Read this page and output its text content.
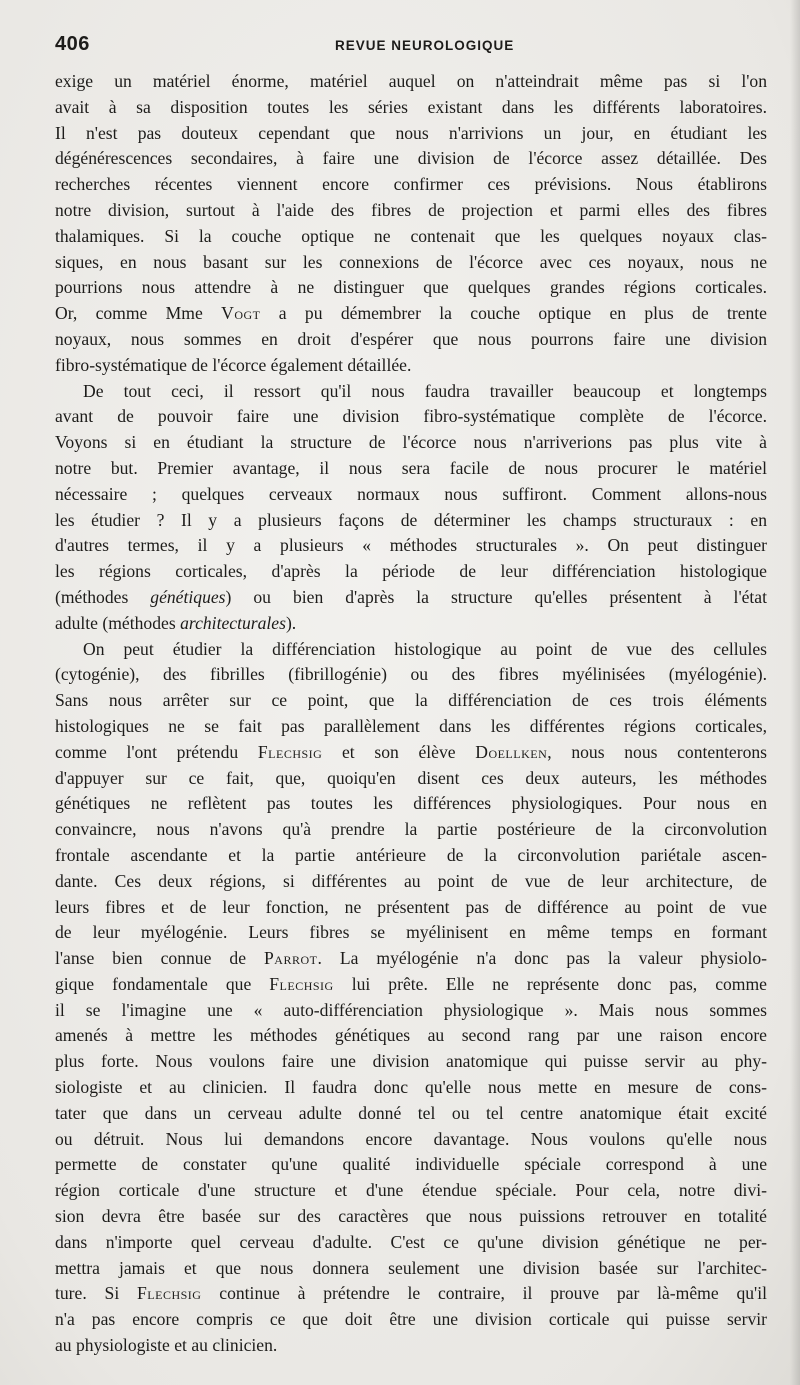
406	REVUE NEUROLOGIQUE
exige un matériel énorme, matériel auquel on n'atteindrait même pas si l'on
avait à sa disposition toutes les séries existant dans les différents laboratoires.
Il n'est pas douteux cependant que nous n'arrivions un jour, en étudiant les
dégénérescences secondaires, à faire une division de l'écorce assez détaillée. Des
recherches récentes viennent encore confirmer ces prévisions. Nous établirons
notre division, surtout à l'aide des fibres de projection et parmi elles des fibres
thalamiques. Si la couche optique ne contenait que les quelques noyaux clas-
siques, en nous basant sur les connexions de l'écorce avec ces noyaux, nous ne
pourrions nous attendre à ne distinguer que quelques grandes régions corticales.
Or, comme Mme Vogt a pu démembrer la couche optique en plus de trente
noyaux, nous sommes en droit d'espérer que nous pourrons faire une division
fibro-systématique de l'écorce également détaillée.
De tout ceci, il ressort qu'il nous faudra travailler beaucoup et longtemps
avant de pouvoir faire une division fibro-systématique complète de l'écorce.
Voyons si en étudiant la structure de l'écorce nous n'arriverions pas plus vite à
notre but. Premier avantage, il nous sera facile de nous procurer le matériel
nécessaire ; quelques cerveaux normaux nous suffiront. Comment allons-nous
les étudier ? Il y a plusieurs façons de déterminer les champs structuraux : en
d'autres termes, il y a plusieurs « méthodes structurales ». On peut distinguer
les régions corticales, d'après la période de leur différenciation histologique
(méthodes génétiques) ou bien d'après la structure qu'elles présentent à l'état
adulte (méthodes architecturales).
On peut étudier la différenciation histologique au point de vue des cellules
(cytogénie), des fibrilles (fibrillogénie) ou des fibres myélinisées (myélogénie).
Sans nous arrêter sur ce point, que la différenciation de ces trois éléments
histologiques ne se fait pas parallèlement dans les différentes régions corticales,
comme l'ont prétendu Flechsig et son élève Doellken, nous nous contenterons
d'appuyer sur ce fait, que, quoiqu'en disent ces deux auteurs, les méthodes
génétiques ne reflètent pas toutes les différences physiologiques. Pour nous en
convaincre, nous n'avons qu'à prendre la partie postérieure de la circonvolution
frontale ascendante et la partie antérieure de la circonvolution pariétale ascen-
dante. Ces deux régions, si différentes au point de vue de leur architecture, de
leurs fibres et de leur fonction, ne présentent pas de différence au point de vue
de leur myélogénie. Leurs fibres se myélinisent en même temps en formant
l'anse bien connue de Parrot. La myélogénie n'a donc pas la valeur physiolo-
gique fondamentale que Flechsig lui prête. Elle ne représente donc pas, comme
il se l'imagine une « auto-différenciation physiologique ». Mais nous sommes
amenés à mettre les méthodes génétiques au second rang par une raison encore
plus forte. Nous voulons faire une division anatomique qui puisse servir au phy-
siologiste et au clinicien. Il faudra donc qu'elle nous mette en mesure de cons-
tater que dans un cerveau adulte donné tel ou tel centre anatomique était excité
ou détruit. Nous lui demandons encore davantage. Nous voulons qu'elle nous
permette de constater qu'une qualité individuelle spéciale correspond à une
région corticale d'une structure et d'une étendue spéciale. Pour cela, notre divi-
sion devra être basée sur des caractères que nous puissions retrouver en totalité
dans n'importe quel cerveau d'adulte. C'est ce qu'une division génétique ne per-
mettra jamais et que nous donnera seulement une division basée sur l'architec-
ture. Si Flechsig continue à prétendre le contraire, il prouve par là-même qu'il
n'a pas encore compris ce que doit être une division corticale qui puisse servir
au physiologiste et au clinicien.
